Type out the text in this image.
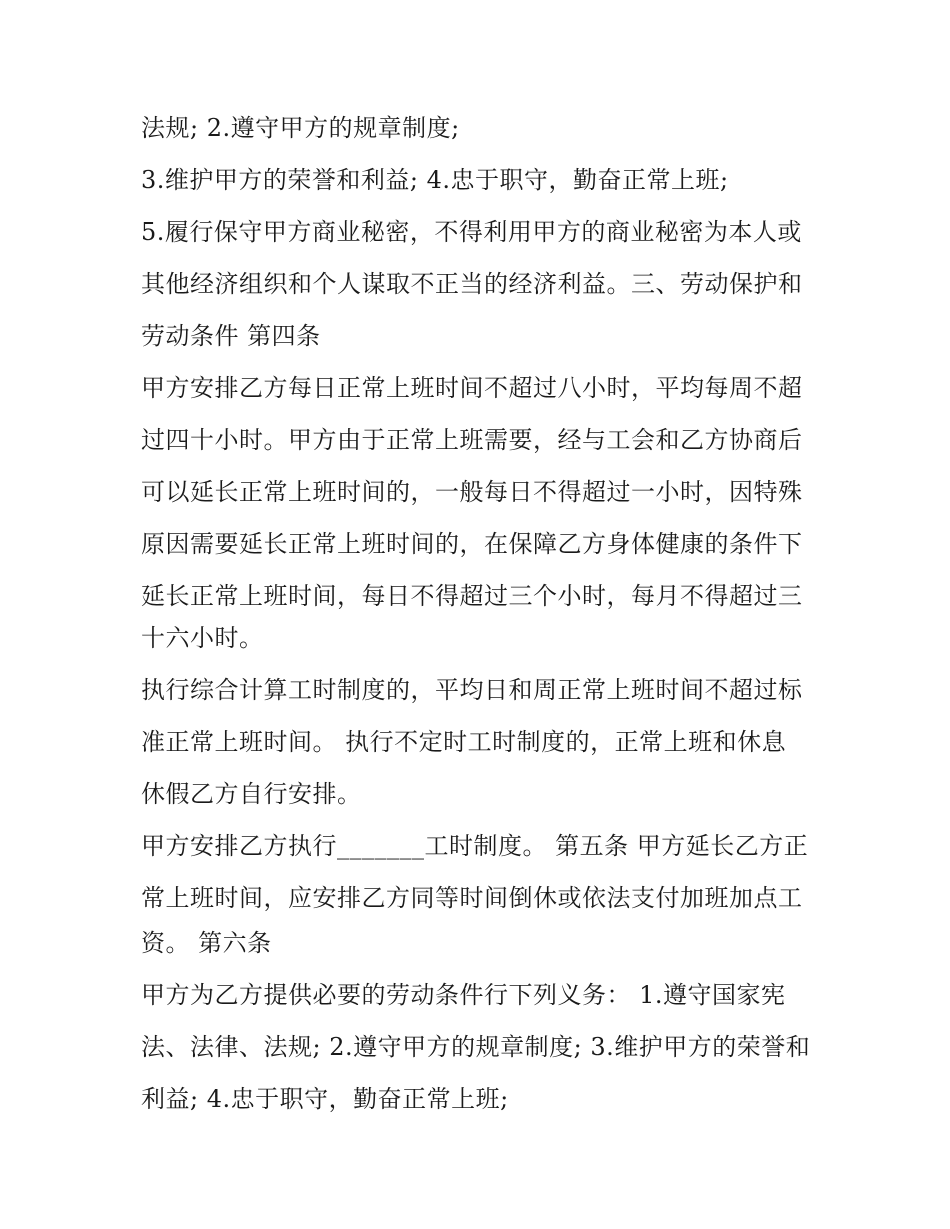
法规; 2.遵守甲方的规章制度;
3.维护甲方的荣誉和利益; 4.忠于职守，勤奋正常上班;
5.履行保守甲方商业秘密，不得利用甲方的商业秘密为本人或
其他经济组织和个人谋取不正当的经济利益。三、劳动保护和
劳动条件 第四条
甲方安排乙方每日正常上班时间不超过八小时，平均每周不超
过四十小时。甲方由于正常上班需要，经与工会和乙方协商后
可以延长正常上班时间的，一般每日不得超过一小时，因特殊
原因需要延长正常上班时间的，在保障乙方身体健康的条件下
延长正常上班时间，每日不得超过三个小时，每月不得超过三
十六小时。
执行综合计算工时制度的，平均日和周正常上班时间不超过标
准正常上班时间。 执行不定时工时制度的，正常上班和休息
休假乙方自行安排。
甲方安排乙方执行_______工时制度。 第五条 甲方延长乙方正
常上班时间，应安排乙方同等时间倒休或依法支付加班加点工
资。 第六条
甲方为乙方提供必要的劳动条件行下列义务： 1.遵守国家宪
法、法律、法规; 2.遵守甲方的规章制度; 3.维护甲方的荣誉和
利益; 4.忠于职守，勤奋正常上班;
